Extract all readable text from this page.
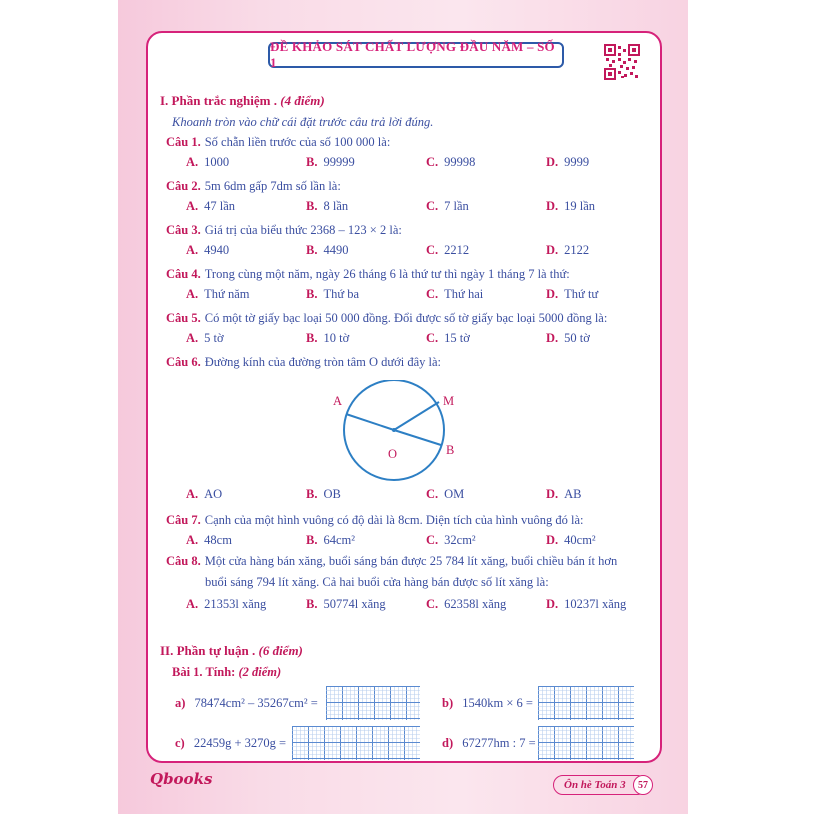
ĐỀ KHẢO SÁT CHẤT LƯỢNG ĐẦU NĂM – SỐ 1
I. Phần trắc nghiệm . (4 điểm)
Khoanh tròn vào chữ cái đặt trước câu trả lời đúng.
Câu 1. Số chẵn liền trước của số 100 000 là:
A. 1000	B. 99999	C. 99998	D. 9999
Câu 2. 5m 6dm gấp 7dm số lần là:
A. 47 lần	B. 8 lần	C. 7 lần	D. 19 lần
Câu 3. Giá trị của biểu thức 2368 – 123 × 2 là:
A. 4940	B. 4490	C. 2212	D. 2122
Câu 4. Trong cùng một năm, ngày 26 tháng 6 là thứ tư thì ngày 1 tháng 7 là thứ:
A. Thứ năm	B. Thứ ba	C. Thứ hai	D. Thứ tư
Câu 5. Có một tờ giấy bạc loại 50 000 đồng. Đổi được số tờ giấy bạc loại 5000 đồng là:
A. 5 tờ	B. 10 tờ	C. 15 tờ	D. 50 tờ
Câu 6. Đường kính của đường tròn tâm O dưới đây là:
A. AO	B. OB	C. OM	D. AB
Câu 7. Cạnh của một hình vuông có độ dài là 8cm. Diện tích của hình vuông đó là:
A. 48cm	B. 64cm²	C. 32cm²	D. 40cm²
Câu 8. Một cửa hàng bán xăng, buổi sáng bán được 25 784 lít xăng, buổi chiều bán ít hơn
buổi sáng 794 lít xăng. Cả hai buổi cửa hàng bán được số lít xăng là:
A. 21353l xăng	B. 50774l xăng	C. 62358l xăng	D. 10237l xăng
A	M
O	B
II. Phần tự luận . (6 điểm)
Bài 1. Tính: (2 điểm)
a) 78474cm² – 35267cm² =	b) 1540km × 6 =
c) 22459g + 3270g =	d) 67277hm : 7 =
Qbooks	Ôn hè Toán 3	57
